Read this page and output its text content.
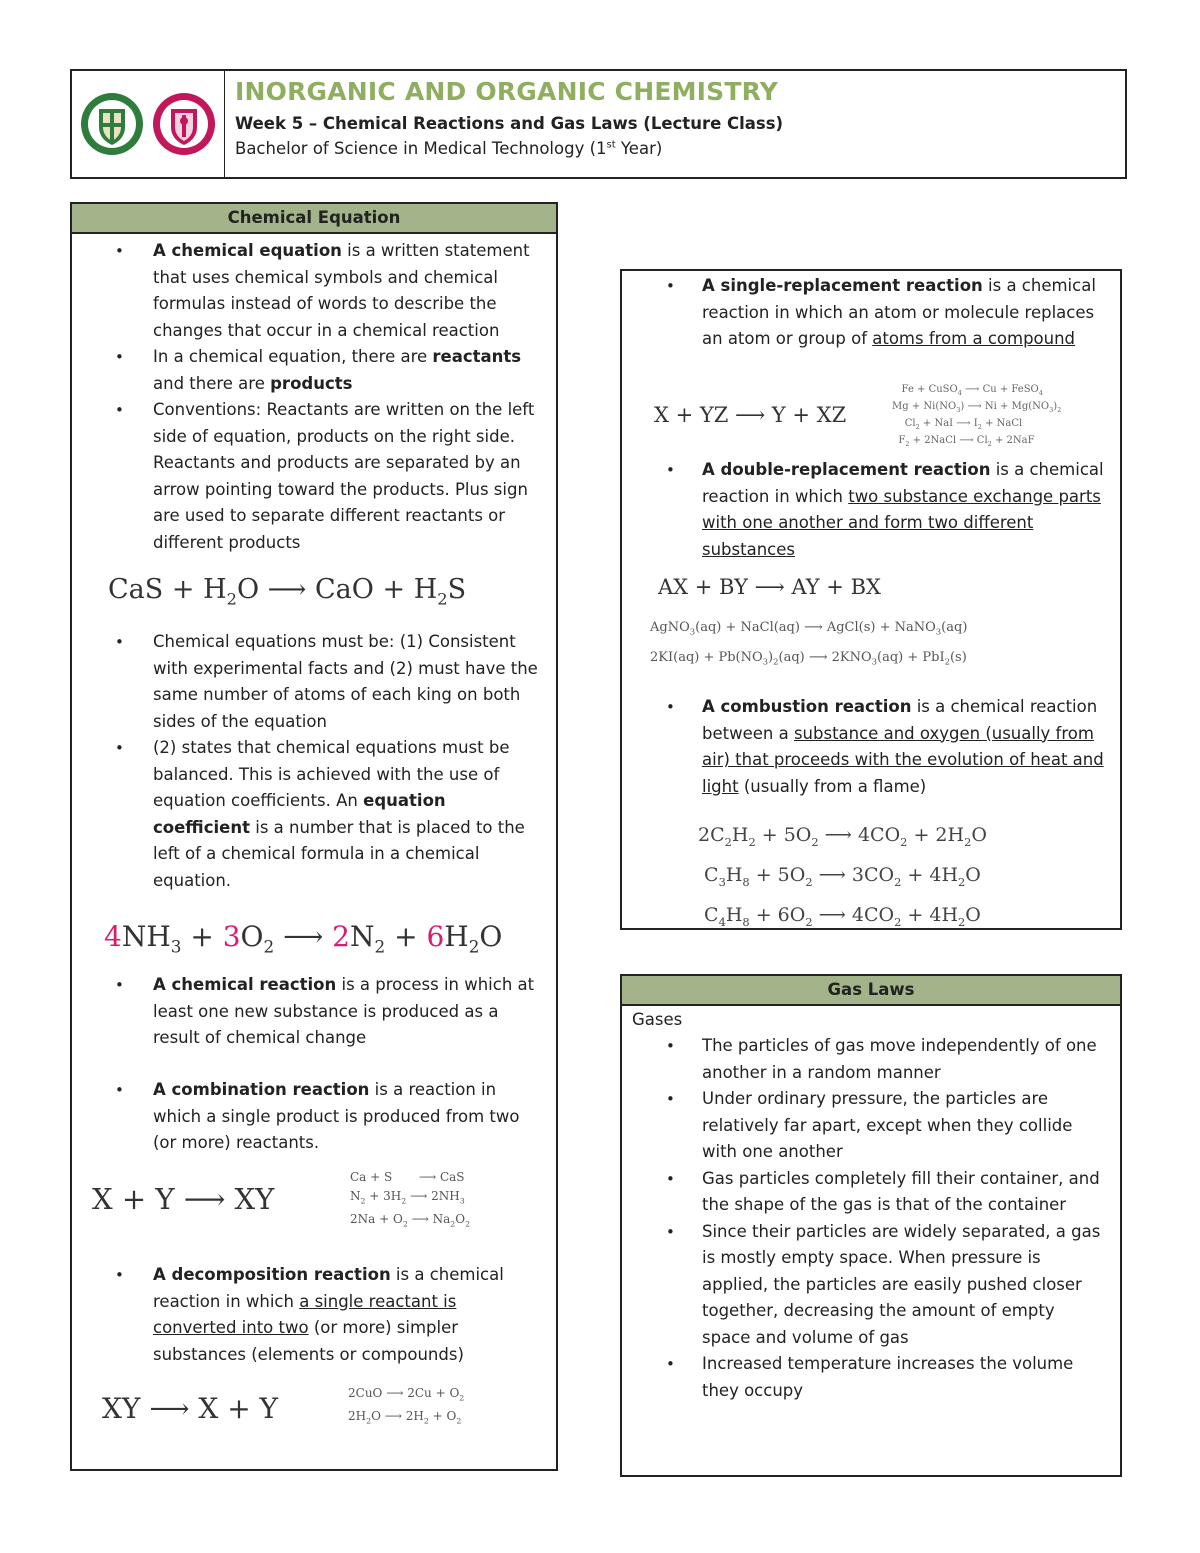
INORGANIC AND ORGANIC CHEMISTRY
Week 5 – Chemical Reactions and Gas Laws (Lecture Class)
Bachelor of Science in Medical Technology (1st Year)
Chemical Equation
• A chemical equation is a written statement that uses chemical symbols and chemical formulas instead of words to describe the changes that occur in a chemical reaction
• In a chemical equation, there are reactants and there are products
• Conventions: Reactants are written on the left side of equation, products on the right side. Reactants and products are separated by an arrow pointing toward the products. Plus sign are used to separate different reactants or different products
CaS + $H_2O$ ⟶ CaO + $H_2S$
• Chemical equations must be: (1) Consistent with experimental facts and (2) must have the same number of atoms of each king on both sides of the equation
• (2) states that chemical equations must be balanced. This is achieved with the use of equation coefficients. An equation coefficient is a number that is placed to the left of a chemical formula in a chemical equation.
$4NH_3 + 3O_2$ ⟶ $2N_2 + 6H_2O$
• A chemical reaction is a process in which at least one new substance is produced as a result of chemical change
• A combination reaction is a reaction in which a single product is produced from two (or more) reactants.
X + Y ⟶ XY
Ca + S ⟶ CaS
$N_2 + 3H_2$ ⟶ $2NH_3$
$2Na + O_2$ ⟶ $Na_2O_2$
• A decomposition reaction is a chemical reaction in which a single reactant is converted into two (or more) simpler substances (elements or compounds)
XY ⟶ X + Y	2CuO ⟶ $2Cu + O_2$
$2H_2O$ ⟶ $2H_2 + O_2$
• A single-replacement reaction is a chemical reaction in which an atom or molecule replaces an atom or group of atoms from a compound
X + YZ ⟶ Y + XZ
Fe + CuSO$_4$ ⟶ Cu + FeSO$_4$
$Mg + Ni(NO_3)$ ⟶ $Ni + Mg(NO_3)_2$
$Cl_2$ + NaI ⟶ $I_2$ + NaCl
$F_2$ + 2NaCl ⟶ $Cl_2 + 2NaF$
• A double-replacement reaction is a chemical reaction in which two substance exchange parts with one another and form two different substances
AX + BY ⟶ AY + BX
AgNO$_3$(aq) + NaCl(aq) ⟶ AgCl(s) + NaNO$_3$(aq)
$2KI(aq) + Pb(NO_3)_2(aq)$ ⟶ $2KNO_3(aq) + PbI_2(s)$
• A combustion reaction is a chemical reaction between a substance and oxygen (usually from air) that proceeds with the evolution of heat and light (usually from a flame)
$2C_2H_2 + 5O_2$ ⟶ $4CO_2 + 2H_2O$
$C_3H_8 + 5O_2$ ⟶ $3CO_2 + 4H_2O$
$C_4H_8 + 6O_2$ ⟶ $4CO_2 + 4H_2O$
Gas Laws
Gases
• The particles of gas move independently of one another in a random manner
• Under ordinary pressure, the particles are relatively far apart, except when they collide with one another
• Gas particles completely fill their container, and the shape of the gas is that of the container
• Since their particles are widely separated, a gas is mostly empty space. When pressure is applied, the particles are easily pushed closer together, decreasing the amount of empty space and volume of gas
• Increased temperature increases the volume they occupy
